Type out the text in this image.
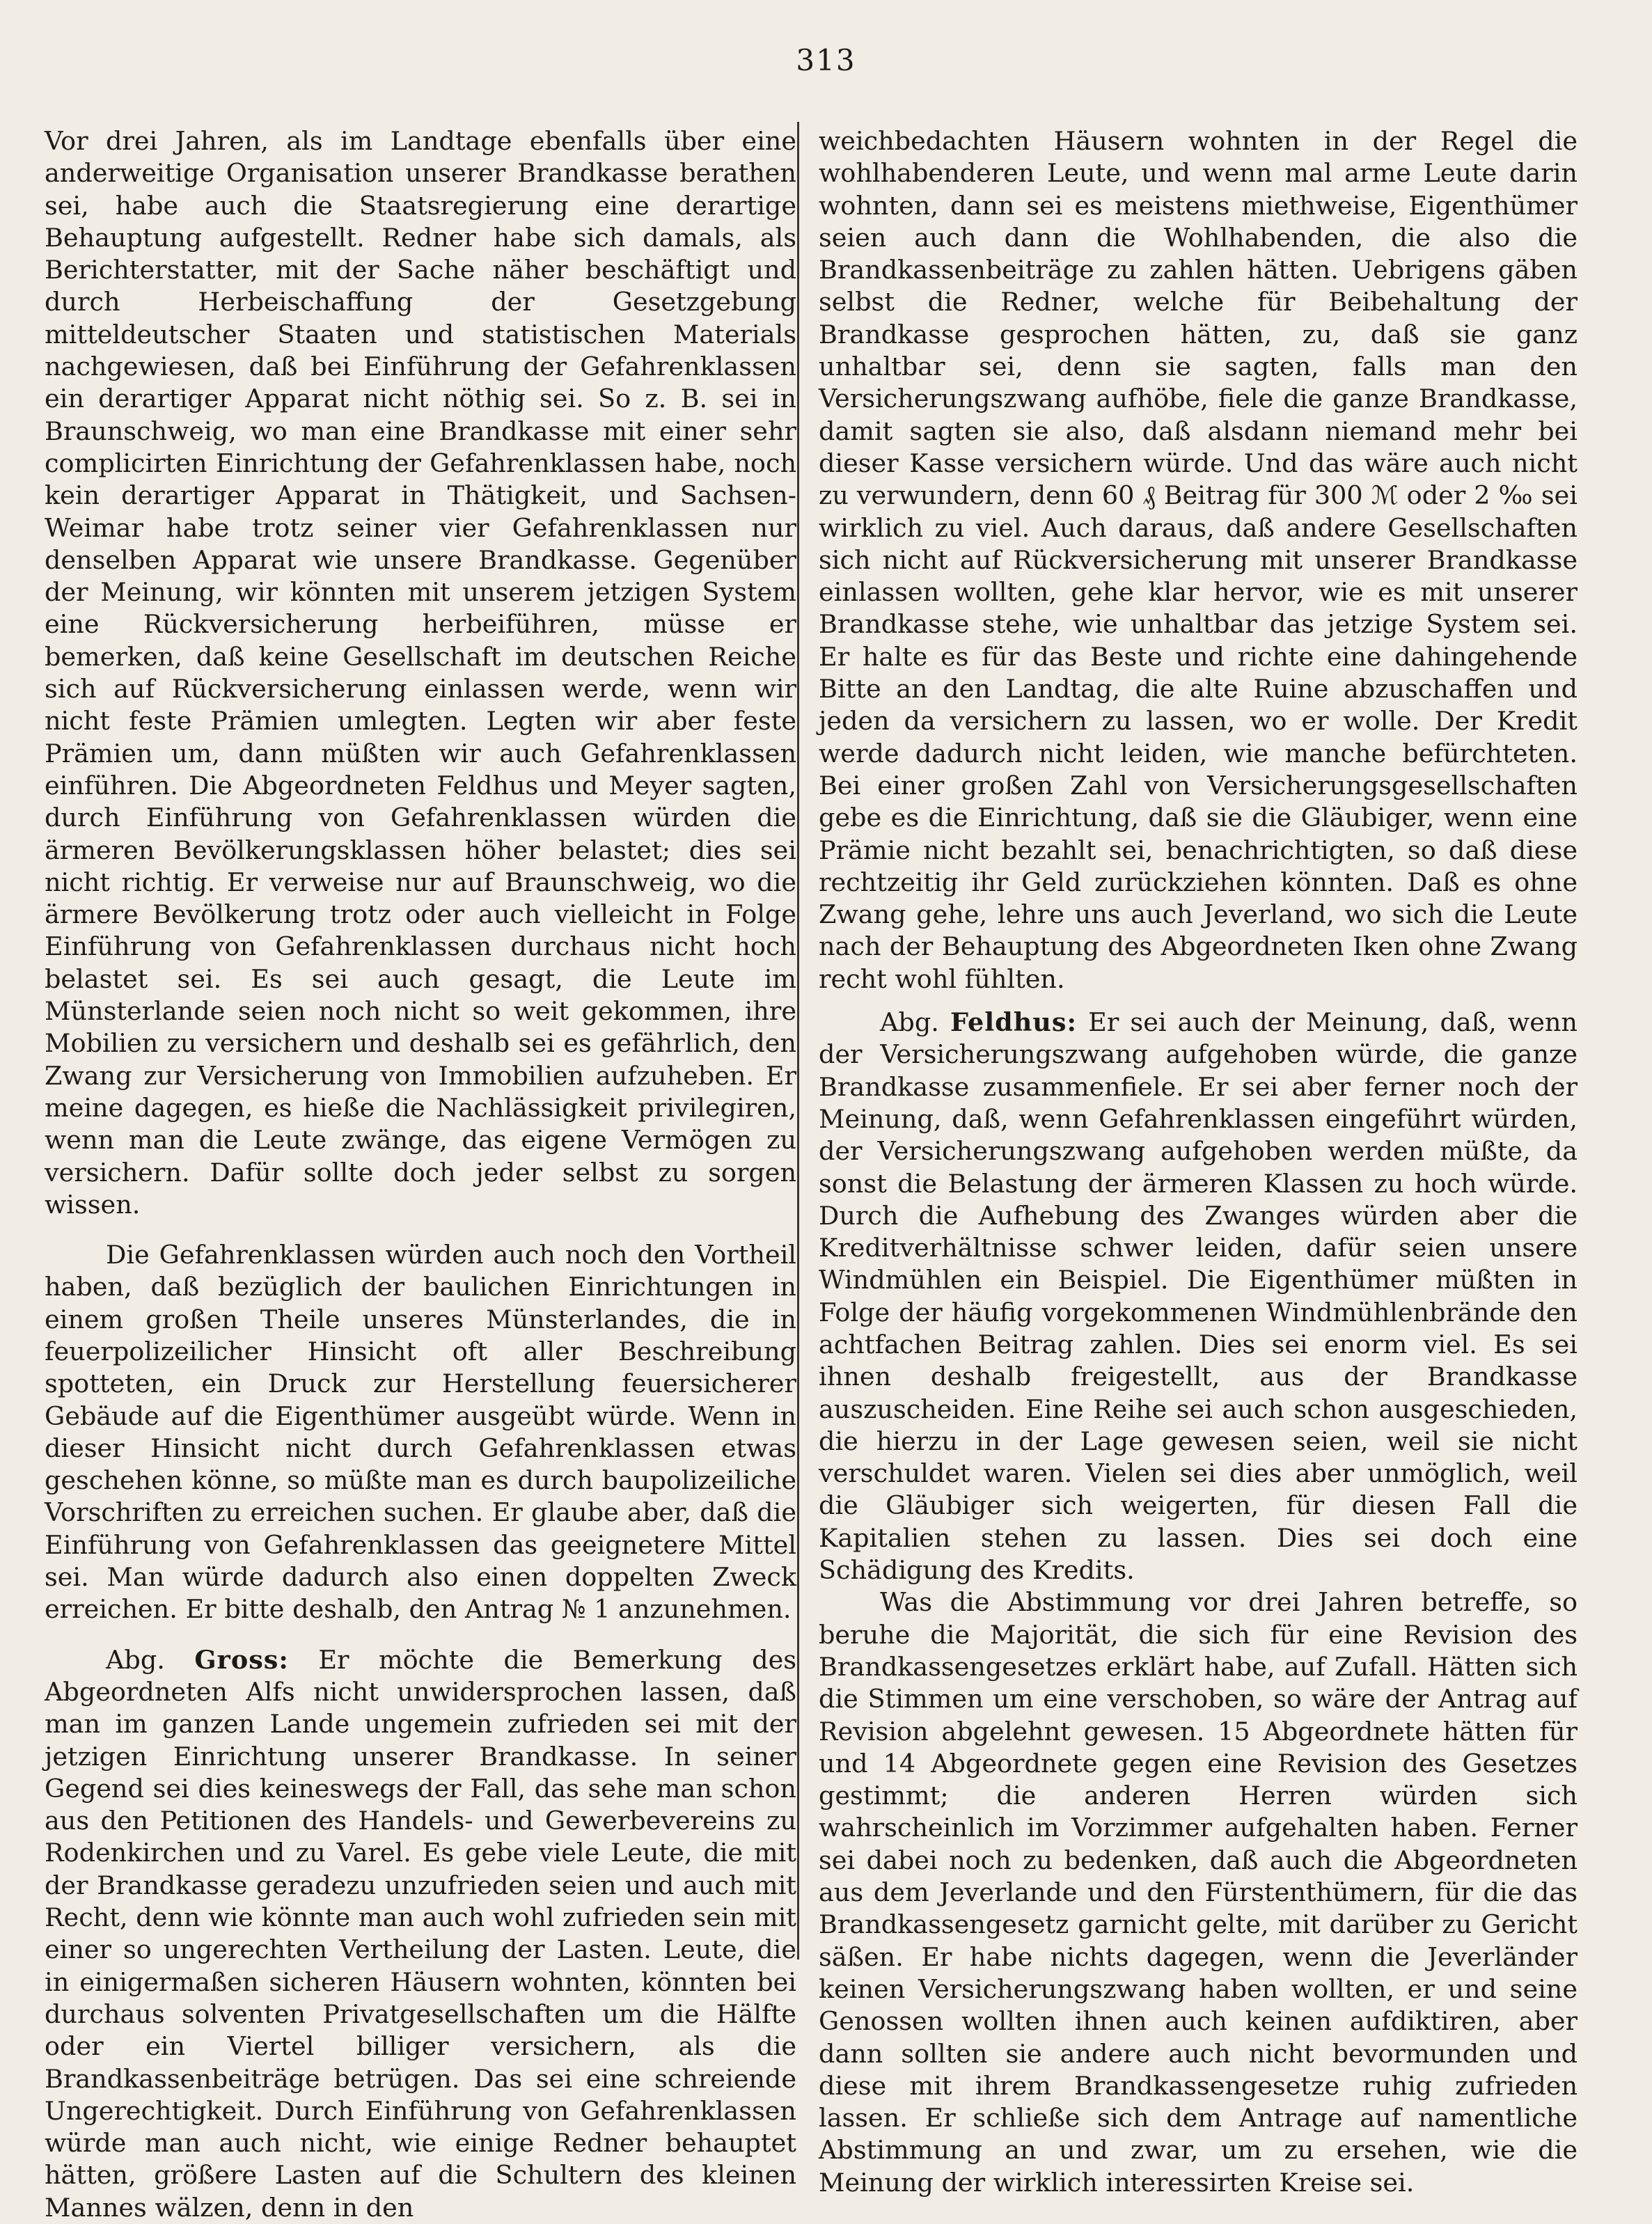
313

Vor drei Jahren, als im Landtage ebenfalls über eine anderweitige Organisation unserer Brandkasse berathen sei, habe auch die Staatsregierung eine derartige Behauptung aufgestellt. Redner habe sich damals, als Berichterstatter, mit der Sache näher beschäftigt und durch Herbeischaffung der Gesetzgebung mitteldeutscher Staaten und statistischen Materials nachgewiesen, daß bei Einführung der Gefahrenklassen ein derartiger Apparat nicht nöthig sei. So z. B. sei in Braunschweig, wo man eine Brandkasse mit einer sehr complicirten Einrichtung der Gefahrenklassen habe, noch kein derartiger Apparat in Thätigkeit, und Sachsen-Weimar habe trotz seiner vier Gefahrenklassen nur denselben Apparat wie unsere Brandkasse. Gegenüber der Meinung, wir könnten mit unserem jetzigen System eine Rückversicherung herbeiführen, müsse er bemerken, daß keine Gesellschaft im deutschen Reiche sich auf Rückversicherung einlassen werde, wenn wir nicht feste Prämien umlegten. Legten wir aber feste Prämien um, dann müßten wir auch Gefahrenklassen einführen. Die Abgeordneten Feldhus und Meyer sagten, durch Einführung von Gefahrenklassen würden die ärmeren Bevölkerungsklassen höher belastet; dies sei nicht richtig. Er verweise nur auf Braunschweig, wo die ärmere Bevölkerung trotz oder auch vielleicht in Folge Einführung von Gefahrenklassen durchaus nicht hoch belastet sei. Es sei auch gesagt, die Leute im Münsterlande seien noch nicht so weit gekommen, ihre Mobilien zu versichern und deshalb sei es gefährlich, den Zwang zur Versicherung von Immobilien aufzuheben. Er meine dagegen, es hieße die Nachlässigkeit privilegiren, wenn man die Leute zwänge, das eigene Vermögen zu versichern. Dafür sollte doch jeder selbst zu sorgen wissen.

Die Gefahrenklassen würden auch noch den Vortheil haben, daß bezüglich der baulichen Einrichtungen in einem großen Theile unseres Münsterlandes, die in feuerpolizeilicher Hinsicht oft aller Beschreibung spotteten, ein Druck zur Herstellung feuersicherer Gebäude auf die Eigenthümer ausgeübt würde. Wenn in dieser Hinsicht nicht durch Gefahrenklassen etwas geschehen könne, so müßte man es durch baupolizeiliche Vorschriften zu erreichen suchen. Er glaube aber, daß die Einführung von Gefahrenklassen das geeignetere Mittel sei. Man würde dadurch also einen doppelten Zweck erreichen. Er bitte deshalb, den Antrag № 1 anzunehmen.

Abg. Gross: Er möchte die Bemerkung des Abgeordneten Alfs nicht unwidersprochen lassen, daß man im ganzen Lande ungemein zufrieden sei mit der jetzigen Einrichtung unserer Brandkasse. In seiner Gegend sei dies keineswegs der Fall, das sehe man schon aus den Petitionen des Handels- und Gewerbevereins zu Rodenkirchen und zu Varel. Es gebe viele Leute, die mit der Brandkasse geradezu unzufrieden seien und auch mit Recht, denn wie könnte man auch wohl zufrieden sein mit einer so ungerechten Vertheilung der Lasten. Leute, die in einigermaßen sicheren Häusern wohnten, könnten bei durchaus solventen Privatgesellschaften um die Hälfte oder ein Viertel billiger versichern, als die Brandkassenbeiträge betrügen. Das sei eine schreiende Ungerechtigkeit. Durch Einführung von Gefahrenklassen würde man auch nicht, wie einige Redner behauptet hätten, größere Lasten auf die Schultern des kleinen Mannes wälzen, denn in den

weichbedachten Häusern wohnten in der Regel die wohlhabenderen Leute, und wenn mal arme Leute darin wohnten, dann sei es meistens miethweise, Eigenthümer seien auch dann die Wohlhabenden, die also die Brandkassenbeiträge zu zahlen hätten. Uebrigens gäben selbst die Redner, welche für Beibehaltung der Brandkasse gesprochen hätten, zu, daß sie ganz unhaltbar sei, denn sie sagten, falls man den Versicherungszwang aufhöbe, fiele die ganze Brandkasse, damit sagten sie also, daß alsdann niemand mehr bei dieser Kasse versichern würde. Und das wäre auch nicht zu verwundern, denn 60 ₰ Beitrag für 300 ℳ oder 2 ‰ sei wirklich zu viel. Auch daraus, daß andere Gesellschaften sich nicht auf Rückversicherung mit unserer Brandkasse einlassen wollten, gehe klar hervor, wie es mit unserer Brandkasse stehe, wie unhaltbar das jetzige System sei. Er halte es für das Beste und richte eine dahingehende Bitte an den Landtag, die alte Ruine abzuschaffen und jeden da versichern zu lassen, wo er wolle. Der Kredit werde dadurch nicht leiden, wie manche befürchteten. Bei einer großen Zahl von Versicherungsgesellschaften gebe es die Einrichtung, daß sie die Gläubiger, wenn eine Prämie nicht bezahlt sei, benachrichtigten, so daß diese rechtzeitig ihr Geld zurückziehen könnten. Daß es ohne Zwang gehe, lehre uns auch Jeverland, wo sich die Leute nach der Behauptung des Abgeordneten Iken ohne Zwang recht wohl fühlten.

Abg. Feldhus: Er sei auch der Meinung, daß, wenn der Versicherungszwang aufgehoben würde, die ganze Brandkasse zusammenfiele. Er sei aber ferner noch der Meinung, daß, wenn Gefahrenklassen eingeführt würden, der Versicherungszwang aufgehoben werden müßte, da sonst die Belastung der ärmeren Klassen zu hoch würde. Durch die Aufhebung des Zwanges würden aber die Kreditverhältnisse schwer leiden, dafür seien unsere Windmühlen ein Beispiel. Die Eigenthümer müßten in Folge der häufig vorgekommenen Windmühlenbrände den achtfachen Beitrag zahlen. Dies sei enorm viel. Es sei ihnen deshalb freigestellt, aus der Brandkasse auszuscheiden. Eine Reihe sei auch schon ausgeschieden, die hierzu in der Lage gewesen seien, weil sie nicht verschuldet waren. Vielen sei dies aber unmöglich, weil die Gläubiger sich weigerten, für diesen Fall die Kapitalien stehen zu lassen. Dies sei doch eine Schädigung des Kredits.

Was die Abstimmung vor drei Jahren betreffe, so beruhe die Majorität, die sich für eine Revision des Brandkassengesetzes erklärt habe, auf Zufall. Hätten sich die Stimmen um eine verschoben, so wäre der Antrag auf Revision abgelehnt gewesen. 15 Abgeordnete hätten für und 14 Abgeordnete gegen eine Revision des Gesetzes gestimmt; die anderen Herren würden sich wahrscheinlich im Vorzimmer aufgehalten haben. Ferner sei dabei noch zu bedenken, daß auch die Abgeordneten aus dem Jeverlande und den Fürstenthümern, für die das Brandkassengesetz garnicht gelte, mit darüber zu Gericht säßen. Er habe nichts dagegen, wenn die Jeverländer keinen Versicherungszwang haben wollten, er und seine Genossen wollten ihnen auch keinen aufdiktiren, aber dann sollten sie andere auch nicht bevormunden und diese mit ihrem Brandkassengesetze ruhig zufrieden lassen. Er schließe sich dem Antrage auf namentliche Abstimmung an und zwar, um zu ersehen, wie die Meinung der wirklich interessirten Kreise sei.
